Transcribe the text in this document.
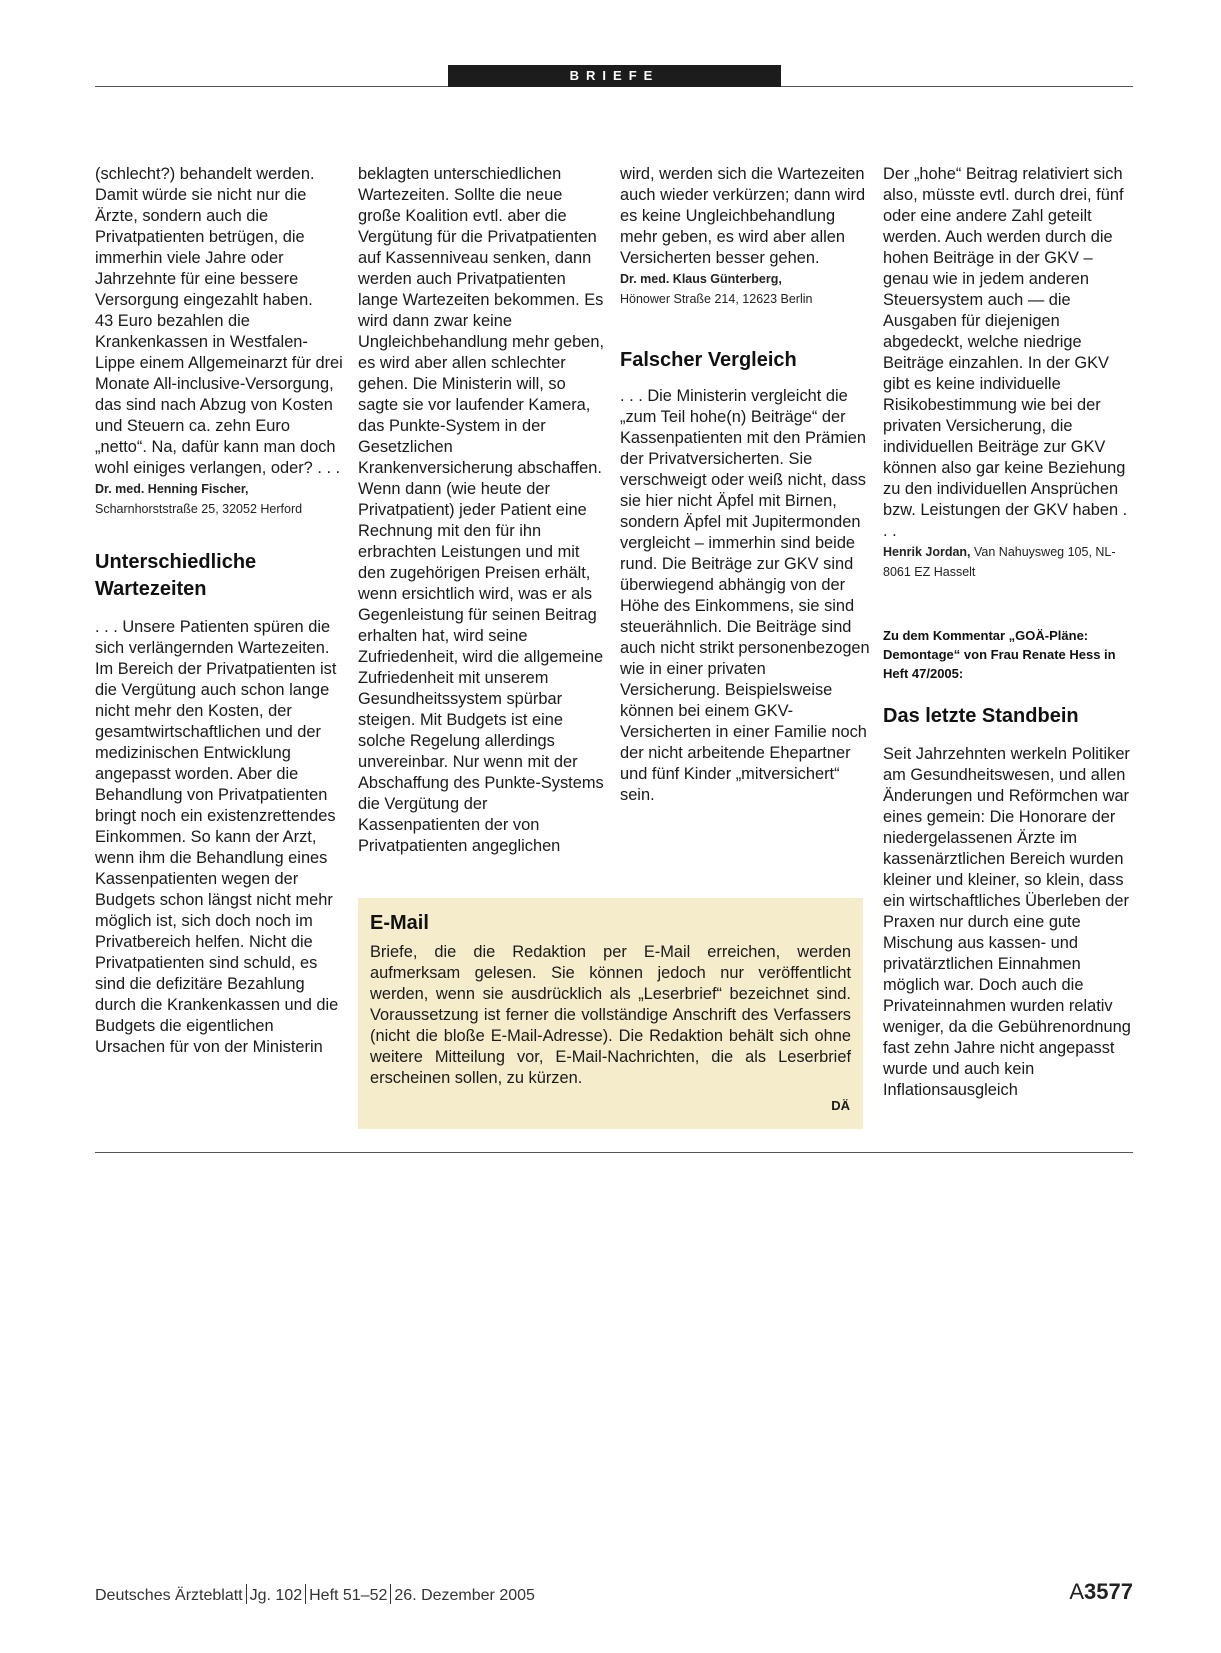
BRIEFE

(schlecht?) behandelt werden. Damit würde sie nicht nur die Ärzte, sondern auch die Privatpatienten betrügen, die immerhin viele Jahre oder Jahrzehnte für eine bessere Versorgung eingezahlt haben.

43 Euro bezahlen die Krankenkassen in Westfalen-Lippe einem Allgemeinarzt für drei Monate All-inclusive-Versorgung, das sind nach Abzug von Kosten und Steuern ca. zehn Euro „netto“. Na, dafür kann man doch wohl einiges verlangen, oder? . . .

Dr. med. Henning Fischer,

Scharnhorststraße 25, 32052 Herford

Unterschiedliche Wartezeiten

. . . Unsere Patienten spüren die sich verlängernden Wartezeiten. Im Bereich der Privatpatienten ist die Vergütung auch schon lange nicht mehr den Kosten, der gesamtwirtschaftlichen und der medizinischen Entwicklung angepasst worden. Aber die Behandlung von Privatpatienten bringt noch ein existenzrettendes Einkommen. So kann der Arzt, wenn ihm die Behandlung eines Kassenpatienten wegen der Budgets schon längst nicht mehr möglich ist, sich doch noch im Privatbereich helfen. Nicht die Privatpatienten sind schuld, es sind die defizitäre Bezahlung durch die Krankenkassen und die Budgets die eigentlichen Ursachen für von der Ministerin

beklagten unterschiedlichen Wartezeiten. Sollte die neue große Koalition evtl. aber die Vergütung für die Privatpatienten auf Kassenniveau senken, dann werden auch Privatpatienten lange Wartezeiten bekommen. Es wird dann zwar keine Ungleichbehandlung mehr geben, es wird aber allen schlechter gehen. Die Ministerin will, so sagte sie vor laufender Kamera, das Punkte-System in der Gesetzlichen Krankenversicherung abschaffen. Wenn dann (wie heute der Privatpatient) jeder Patient eine Rechnung mit den für ihn erbrachten Leistungen und mit den zugehörigen Preisen erhält, wenn ersichtlich wird, was er als Gegenleistung für seinen Beitrag erhalten hat, wird seine Zufriedenheit, wird die allgemeine Zufriedenheit mit unserem Gesundheitssystem spürbar steigen. Mit Budgets ist eine solche Regelung allerdings unvereinbar. Nur wenn mit der Abschaffung des Punkte-Systems die Vergütung der Kassenpatienten der von Privatpatienten angeglichen

wird, werden sich die Wartezeiten auch wieder verkürzen; dann wird es keine Ungleichbehandlung mehr geben, es wird aber allen Versicherten besser gehen.

Dr. med. Klaus Günterberg,

Hönower Straße 214, 12623 Berlin

Falscher Vergleich

. . . Die Ministerin vergleicht die „zum Teil hohe(n) Beiträge“ der Kassenpatienten mit den Prämien der Privatversicherten. Sie verschweigt oder weiß nicht, dass sie hier nicht Äpfel mit Birnen, sondern Äpfel mit Jupitermonden vergleicht – immerhin sind beide rund. Die Beiträge zur GKV sind überwiegend abhängig von der Höhe des Einkommens, sie sind steuerähnlich. Die Beiträge sind auch nicht strikt personenbezogen wie in einer privaten Versicherung. Beispielsweise können bei einem GKV-Versicherten in einer Familie noch der nicht arbeitende Ehepartner und fünf Kinder „mitversichert“ sein.

Der „hohe“ Beitrag relativiert sich also, müsste evtl. durch drei, fünf oder eine andere Zahl geteilt werden. Auch werden durch die hohen Beiträge in der GKV – genau wie in jedem anderen Steuersystem auch — die Ausgaben für diejenigen abgedeckt, welche niedrige Beiträge einzahlen. In der GKV gibt es keine individuelle Risikobestimmung wie bei der privaten Versicherung, die individuellen Beiträge zur GKV können also gar keine Beziehung zu den individuellen Ansprüchen bzw. Leistungen der GKV haben . . .

Henrik Jordan, Van Nahuysweg 105, NL-8061 EZ Hasselt

Zu dem Kommentar „GOÄ-Pläne: Demontage“ von Frau Renate Hess in Heft 47/2005:

Das letzte Standbein

Seit Jahrzehnten werkeln Politiker am Gesundheitswesen, und allen Änderungen und Reförmchen war eines gemein: Die Honorare der niedergelassenen Ärzte im kassenärztlichen Bereich wurden kleiner und kleiner, so klein, dass ein wirtschaftliches Überleben der Praxen nur durch eine gute Mischung aus kassen- und privatärztlichen Einnahmen möglich war. Doch auch die Privateinnahmen wurden relativ weniger, da die Gebührenordnung fast zehn Jahre nicht angepasst wurde und auch kein Inflationsausgleich

E-Mail
Briefe, die die Redaktion per E-Mail erreichen, werden aufmerksam gelesen. Sie können jedoch nur veröffentlicht werden, wenn sie ausdrücklich als „Leserbrief“ bezeichnet sind. Voraussetzung ist ferner die vollständige Anschrift des Verfassers (nicht die bloße E-Mail-Adresse). Die Redaktion behält sich ohne weitere Mitteilung vor, E-Mail-Nachrichten, die als Leserbrief erscheinen sollen, zu kürzen.
DÄ
Deutsches Ärzteblatt Jg. 102 Heft 51–52 26. Dezember 2005	A3577
